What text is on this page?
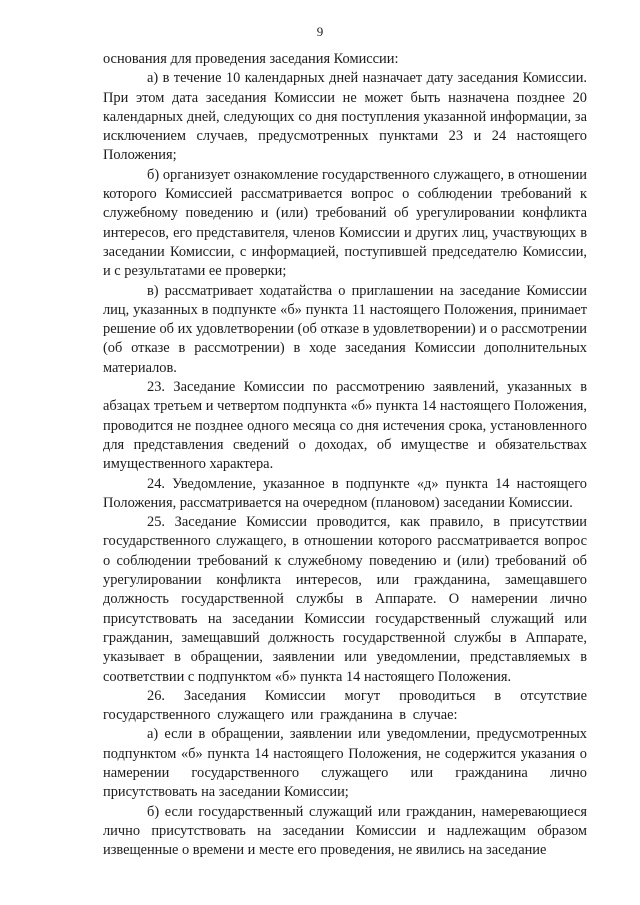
9

основания для проведения заседания Комиссии:

а) в течение 10 календарных дней назначает дату заседания Комиссии. При этом дата заседания Комиссии не может быть назначена позднее 20 календарных дней, следующих со дня поступления указанной информации, за исключением случаев, предусмотренных пунктами 23 и 24 настоящего Положения;

б) организует ознакомление государственного служащего, в отношении которого Комиссией рассматривается вопрос о соблюдении требований к служебному поведению и (или) требований об урегулировании конфликта интересов, его представителя, членов Комиссии и других лиц, участвующих в заседании Комиссии, с информацией, поступившей председателю Комиссии, и с результатами ее проверки;

в) рассматривает ходатайства о приглашении на заседание Комиссии лиц, указанных в подпункте «б» пункта 11 настоящего Положения, принимает решение об их удовлетворении (об отказе в удовлетворении) и о рассмотрении (об отказе в рассмотрении) в ходе заседания Комиссии дополнительных материалов.

23. Заседание Комиссии по рассмотрению заявлений, указанных в абзацах третьем и четвертом подпункта «б» пункта 14 настоящего Положения, проводится не позднее одного месяца со дня истечения срока, установленного для представления сведений о доходах, об имуществе и обязательствах имущественного характера.

24. Уведомление, указанное в подпункте «д» пункта 14 настоящего Положения, рассматривается на очередном (плановом) заседании Комиссии.

25. Заседание Комиссии проводится, как правило, в присутствии государственного служащего, в отношении которого рассматривается вопрос о соблюдении требований к служебному поведению и (или) требований об урегулировании конфликта интересов, или гражданина, замещавшего должность государственной службы в Аппарате. О намерении лично присутствовать на заседании Комиссии государственный служащий или гражданин, замещавший должность государственной службы в Аппарате, указывает в обращении, заявлении или уведомлении, представляемых в соответствии с подпунктом «б» пункта 14 настоящего Положения.

26. Заседания Комиссии могут проводиться в отсутствие государственного служащего или гражданина в случае:

а) если в обращении, заявлении или уведомлении, предусмотренных подпунктом «б» пункта 14 настоящего Положения, не содержится указания о намерении государственного служащего или гражданина лично присутствовать на заседании Комиссии;

б) если государственный служащий или гражданин, намеревающиеся лично присутствовать на заседании Комиссии и надлежащим образом извещенные о времени и месте его проведения, не явились на заседание
